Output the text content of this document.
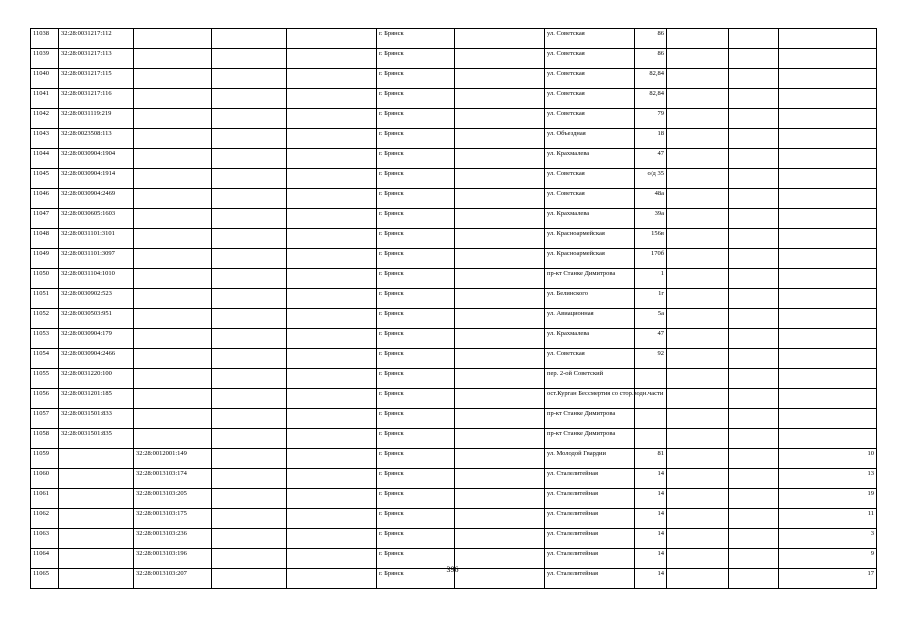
11038	32:28:0031217:112				г. Брянск		ул. Советская	86			
11039	32:28:0031217:113				г. Брянск		ул. Советская	86			
11040	32:28:0031217:115				г. Брянск		ул. Советская	82,84			
11041	32:28:0031217:116				г. Брянск		ул. Советская	82,84			
11042	32:28:0031119:219				г. Брянск		ул. Советская	79			
11043	32:28:0023508:113				г. Брянск		ул. Объездная	18			
11044	32:28:0030904:1904				г. Брянск		ул. Крахмалева	47			
11045	32:28:0030904:1914				г. Брянск		ул. Советская	о/д 35			
11046	32:28:0030904:2469				г. Брянск		ул. Советская	48а			
11047	32:28:0030605:1603				г. Брянск		ул. Крахмалева	39а			
11048	32:28:0031101:3101				г. Брянск		ул. Красноармейская	156в			
11049	32:28:0031101:3097				г. Брянск		ул. Красноармейская	170б			
11050	32:28:0031104:1010				г. Брянск		пр-кт Станке Димитрова	1			
11051	32:28:0030902:523				г. Брянск		ул. Белинского	1г			
11052	32:28:0030503:951				г. Брянск		ул. Авиационная	5а			
11053	32:28:0030904:179				г. Брянск		ул. Крахмалева	47			
11054	32:28:0030904:2466				г. Брянск		ул. Советская	92			
11055	32:28:0031220:100				г. Брянск		пер. 2-ой Советский				
11056	32:28:0031201:185				г. Брянск		ост.Курган Бессмертия со стор.водн.части				
11057	32:28:0031501:833				г. Брянск		пр-кт Станке Димитрова				
11058	32:28:0031501:835				г. Брянск		пр-кт Станке Димитрова				
11059		32:28:0012001:149			г. Брянск		ул. Молодой Гвардии	81			10
11060		32:28:0013103:174			г. Брянск		ул. Сталелитейная	14			13
11061		32:28:0013103:205			г. Брянск		ул. Сталелитейная	14			19
11062		32:28:0013103:175			г. Брянск		ул. Сталелитейная	14			11
11063		32:28:0013103:236			г. Брянск		ул. Сталелитейная	14			3
11064		32:28:0013103:196			г. Брянск		ул. Сталелитейная	14			9
11065		32:28:0013103:207			г. Брянск		ул. Сталелитейная	14			17
396
